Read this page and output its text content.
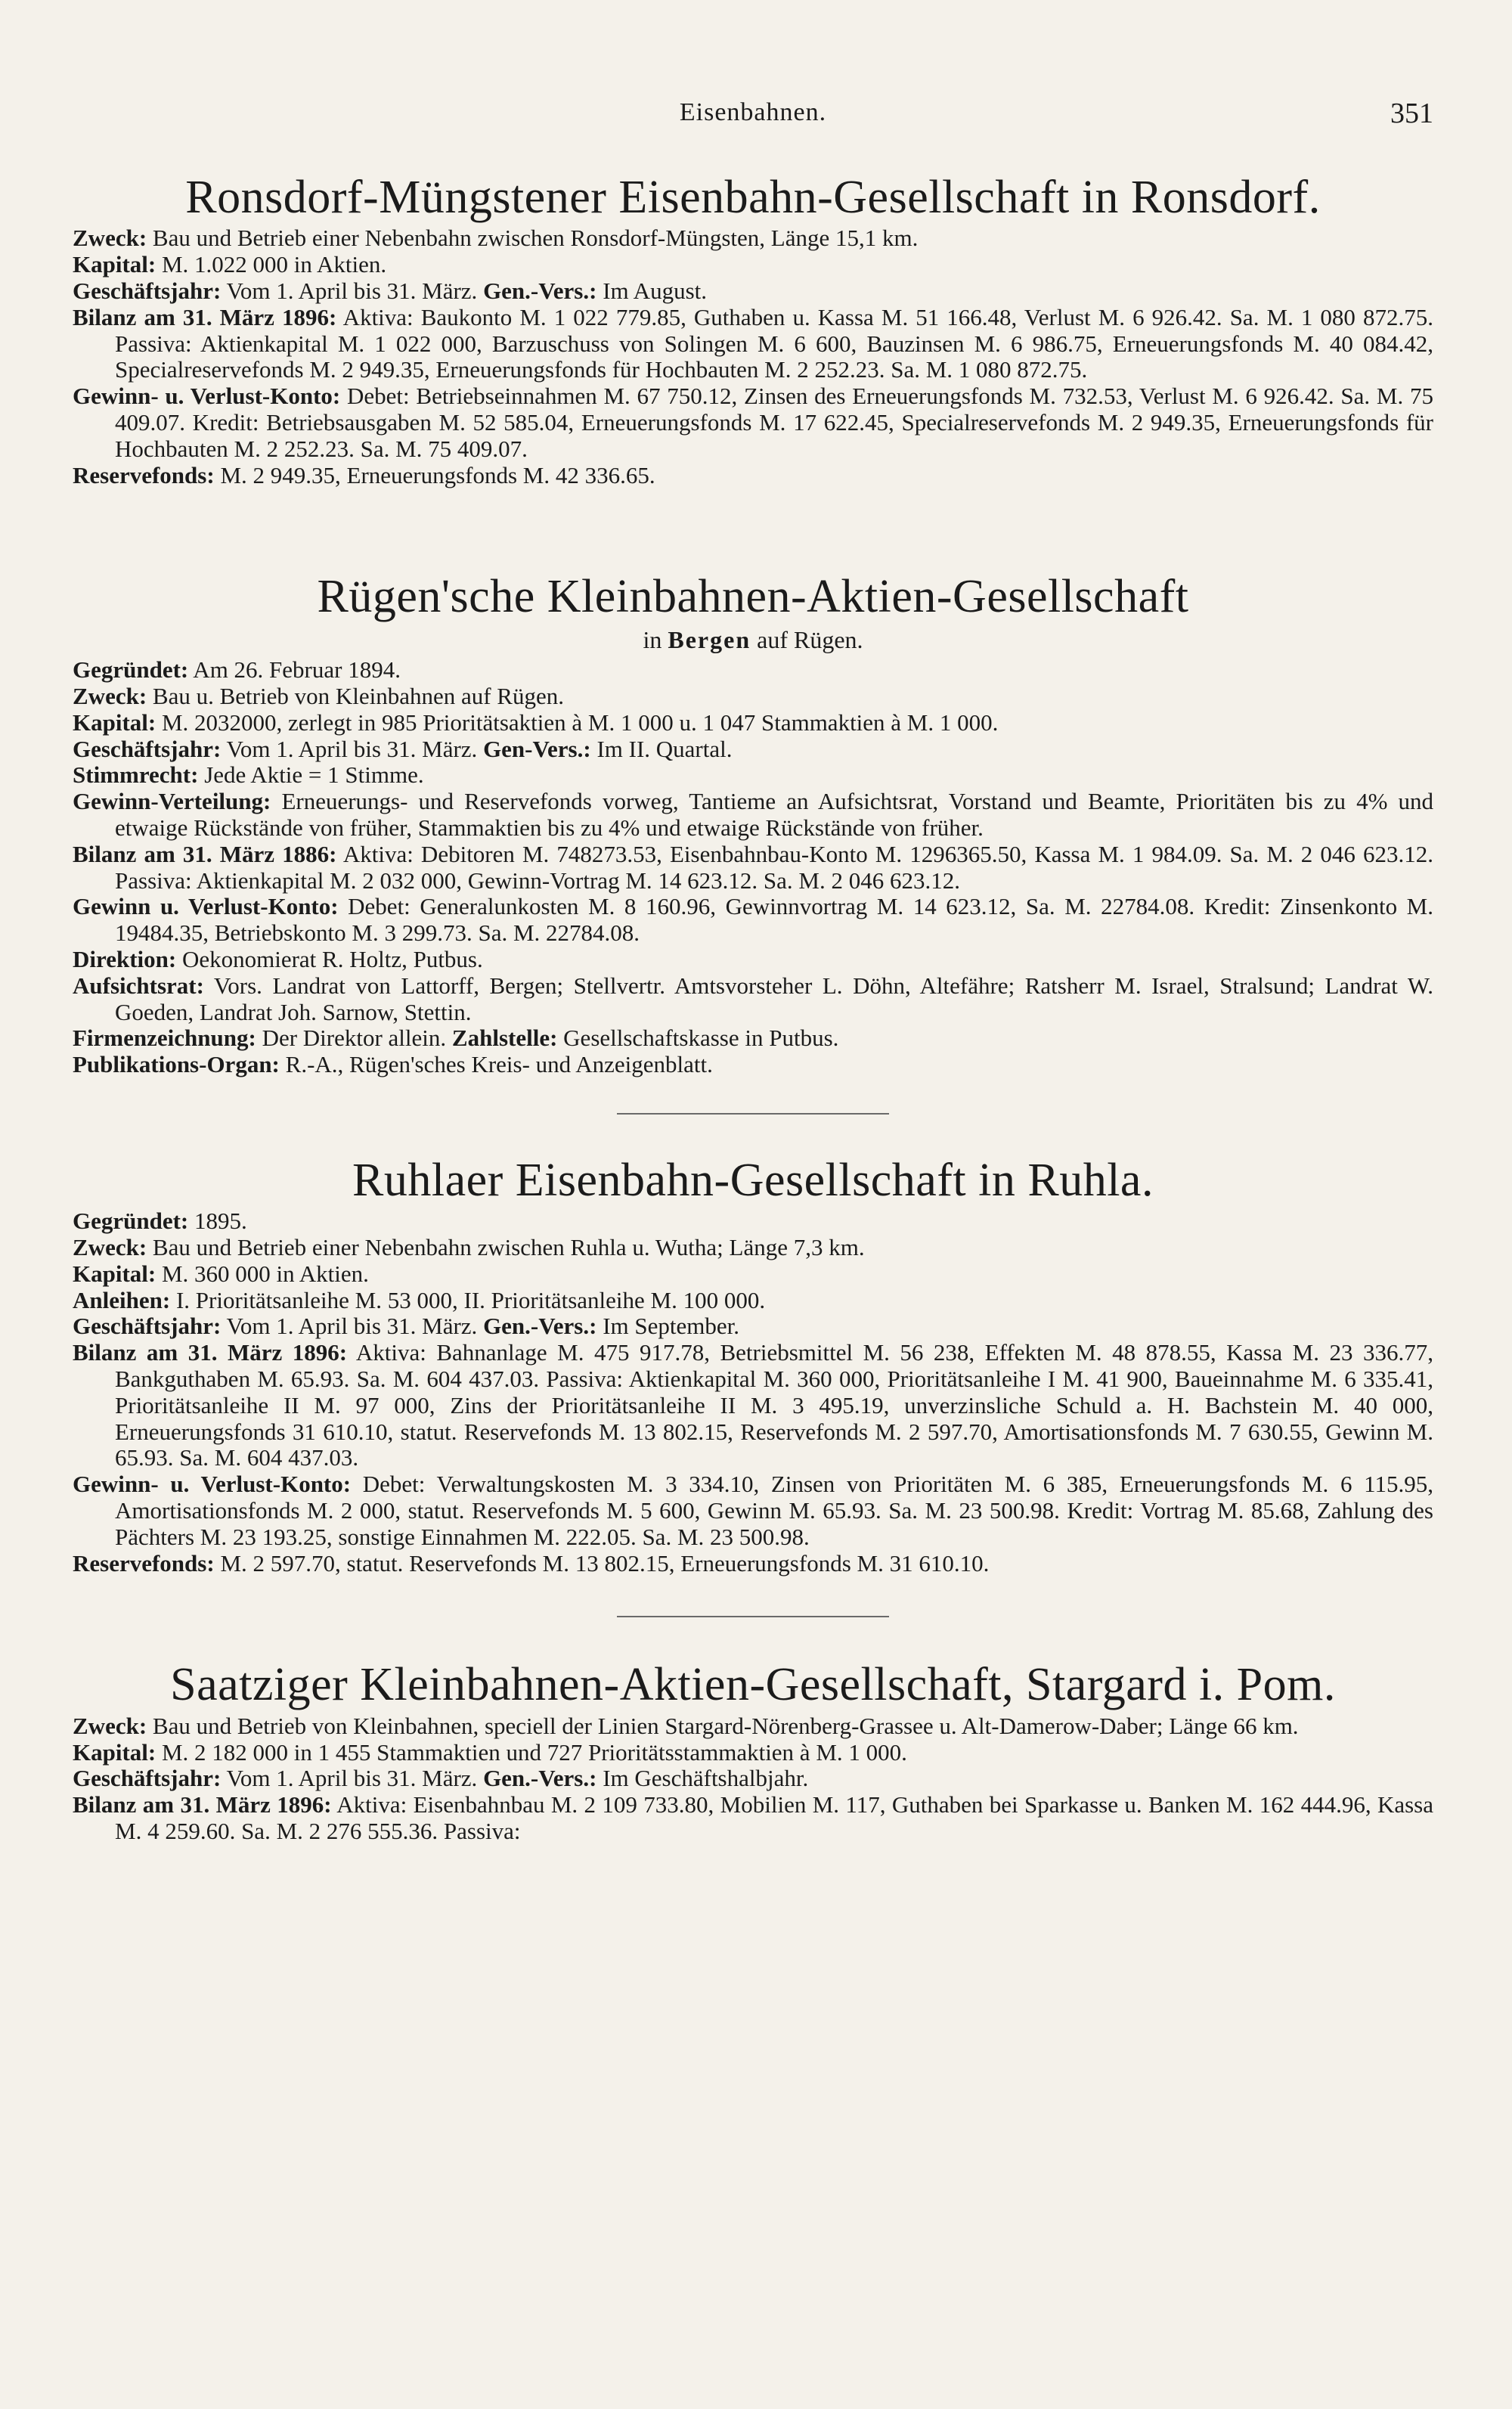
Eisenbahnen.	351
Ronsdorf-Müngstener Eisenbahn-Gesellschaft in Ronsdorf.

Zweck: Bau und Betrieb einer Nebenbahn zwischen Ronsdorf-Müngsten, Länge 15,1 km.

Kapital: M. 1.022 000 in Aktien.

Geschäftsjahr: Vom 1. April bis 31. März. Gen.-Vers.: Im August.

Bilanz am 31. März 1896: Aktiva: Baukonto M. 1 022 779.85, Guthaben u. Kassa M. 51 166.48, Verlust M. 6 926.42. Sa. M. 1 080 872.75. Passiva: Aktienkapital M. 1 022 000, Barzuschuss von Solingen M. 6 600, Bauzinsen M. 6 986.75, Erneuerungsfonds M. 40 084.42, Specialreservefonds M. 2 949.35, Erneuerungsfonds für Hochbauten M. 2 252.23. Sa. M. 1 080 872.75.

Gewinn- u. Verlust-Konto: Debet: Betriebseinnahmen M. 67 750.12, Zinsen des Erneuerungsfonds M. 732.53, Verlust M. 6 926.42. Sa. M. 75 409.07. Kredit: Betriebsausgaben M. 52 585.04, Erneuerungsfonds M. 17 622.45, Specialreservefonds M. 2 949.35, Erneuerungsfonds für Hochbauten M. 2 252.23. Sa. M. 75 409.07.

Reservefonds: M. 2 949.35, Erneuerungsfonds M. 42 336.65.

Rügen'sche Kleinbahnen-Aktien-Gesellschaft

in Bergen auf Rügen.

Gegründet: Am 26. Februar 1894.

Zweck: Bau u. Betrieb von Kleinbahnen auf Rügen.

Kapital: M. 2032000, zerlegt in 985 Prioritätsaktien à M. 1 000 u. 1 047 Stammaktien à M. 1 000.

Geschäftsjahr: Vom 1. April bis 31. März. Gen-Vers.: Im II. Quartal.

Stimmrecht: Jede Aktie = 1 Stimme.

Gewinn-Verteilung: Erneuerungs- und Reservefonds vorweg, Tantieme an Aufsichtsrat, Vorstand und Beamte, Prioritäten bis zu 4% und etwaige Rückstände von früher, Stammaktien bis zu 4% und etwaige Rückstände von früher.

Bilanz am 31. März 1886: Aktiva: Debitoren M. 748273.53, Eisenbahnbau-Konto M. 1296365.50, Kassa M. 1 984.09. Sa. M. 2 046 623.12. Passiva: Aktienkapital M. 2 032 000, Gewinn-Vortrag M. 14 623.12. Sa. M. 2 046 623.12.

Gewinn u. Verlust-Konto: Debet: Generalunkosten M. 8 160.96, Gewinnvortrag M. 14 623.12, Sa. M. 22784.08. Kredit: Zinsenkonto M. 19484.35, Betriebskonto M. 3 299.73. Sa. M. 22784.08.

Direktion: Oekonomierat R. Holtz, Putbus.

Aufsichtsrat: Vors. Landrat von Lattorff, Bergen; Stellvertr. Amtsvorsteher L. Döhn, Altefähre; Ratsherr M. Israel, Stralsund; Landrat W. Goeden, Landrat Joh. Sarnow, Stettin.

Firmenzeichnung: Der Direktor allein. Zahlstelle: Gesellschaftskasse in Putbus.

Publikations-Organ: R.-A., Rügen'sches Kreis- und Anzeigenblatt.

Ruhlaer Eisenbahn-Gesellschaft in Ruhla.

Gegründet: 1895.

Zweck: Bau und Betrieb einer Nebenbahn zwischen Ruhla u. Wutha; Länge 7,3 km.

Kapital: M. 360 000 in Aktien.

Anleihen: I. Prioritätsanleihe M. 53 000, II. Prioritätsanleihe M. 100 000.

Geschäftsjahr: Vom 1. April bis 31. März. Gen.-Vers.: Im September.

Bilanz am 31. März 1896: Aktiva: Bahnanlage M. 475 917.78, Betriebsmittel M. 56 238, Effekten M. 48 878.55, Kassa M. 23 336.77, Bankguthaben M. 65.93. Sa. M. 604 437.03. Passiva: Aktienkapital M. 360 000, Prioritätsanleihe I M. 41 900, Baueinnahme M. 6 335.41, Prioritätsanleihe II M. 97 000, Zins der Prioritätsanleihe II M. 3 495.19, unverzinsliche Schuld a. H. Bachstein M. 40 000, Erneuerungsfonds 31 610.10, statut. Reservefonds M. 13 802.15, Reservefonds M. 2 597.70, Amortisationsfonds M. 7 630.55, Gewinn M. 65.93. Sa. M. 604 437.03.

Gewinn- u. Verlust-Konto: Debet: Verwaltungskosten M. 3 334.10, Zinsen von Prioritäten M. 6 385, Erneuerungsfonds M. 6 115.95, Amortisationsfonds M. 2 000, statut. Reservefonds M. 5 600, Gewinn M. 65.93. Sa. M. 23 500.98. Kredit: Vortrag M. 85.68, Zahlung des Pächters M. 23 193.25, sonstige Einnahmen M. 222.05. Sa. M. 23 500.98.

Reservefonds: M. 2 597.70, statut. Reservefonds M. 13 802.15, Erneuerungsfonds M. 31 610.10.

Saatziger Kleinbahnen-Aktien-Gesellschaft, Stargard i. Pom.

Zweck: Bau und Betrieb von Kleinbahnen, speciell der Linien Stargard-Nörenberg-Grassee u. Alt-Damerow-Daber; Länge 66 km.

Kapital: M. 2 182 000 in 1 455 Stammaktien und 727 Prioritätsstammaktien à M. 1 000.

Geschäftsjahr: Vom 1. April bis 31. März. Gen.-Vers.: Im Geschäftshalbjahr.

Bilanz am 31. März 1896: Aktiva: Eisenbahnbau M. 2 109 733.80, Mobilien M. 117, Guthaben bei Sparkasse u. Banken M. 162 444.96, Kassa M. 4 259.60. Sa. M. 2 276 555.36. Passiva:
